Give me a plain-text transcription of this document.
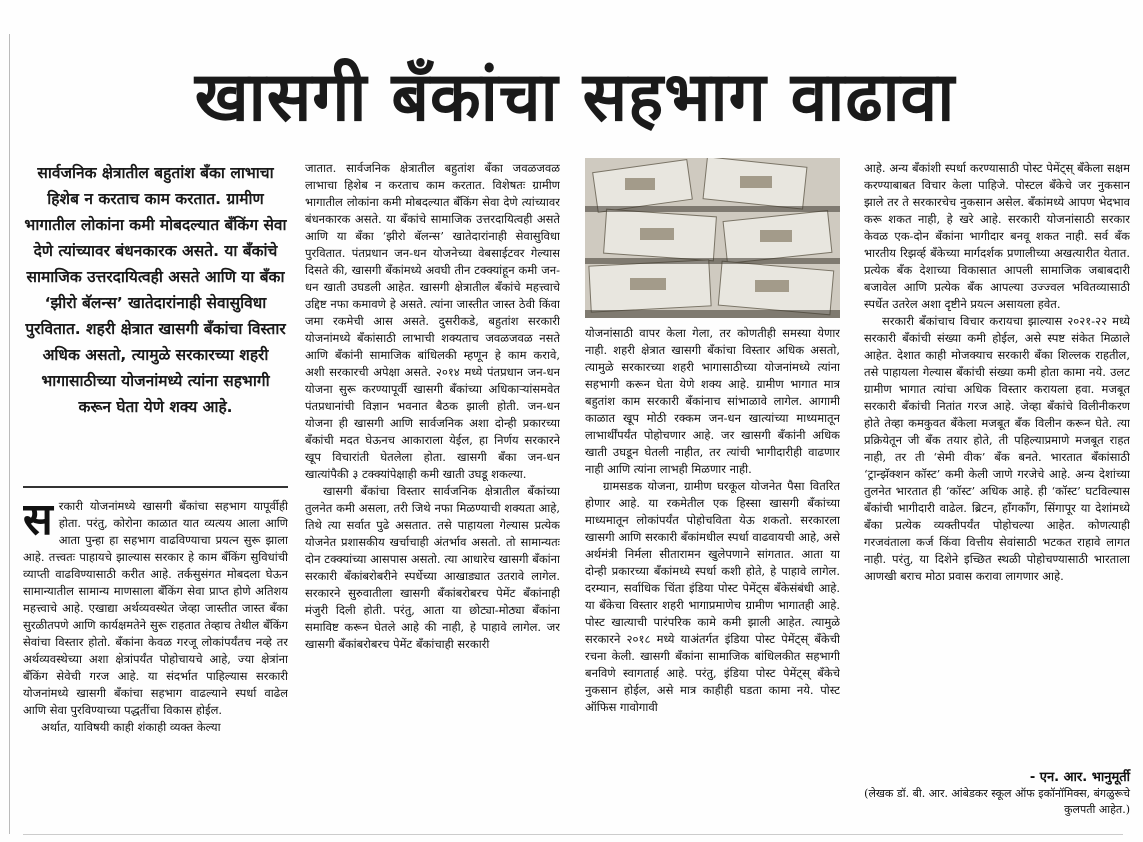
खासगी बँकांचा सहभाग वाढावा
सार्वजनिक क्षेत्रातील बहुतांश बँका लाभाचा हिशेब न करताच काम करतात. ग्रामीण भागातील लोकांना कमी मोबदल्यात बँकिंग सेवा देणे त्यांच्यावर बंधनकारक असते. या बँकांचे सामाजिक उत्तरदायित्वही असते आणि या बँका ‘झीरो बॅलन्स’ खातेदारांनाही सेवासुविधा पुरवितात. शहरी क्षेत्रात खासगी बँकांचा विस्तार अधिक असतो, त्यामुळे सरकारच्या शहरी भागासाठीच्या योजनांमध्ये त्यांना सहभागी करून घेता येणे शक्य आहे.

सरकारी योजनांमध्ये खासगी बँकांचा सहभाग यापूर्वीही होता. परंतु, कोरोना काळात यात व्यत्यय आला आणि आता पुन्हा हा सहभाग वाढविण्याचा प्रयत्न सुरू झाला आहे. तत्त्वतः पाहायचे झाल्यास सरकार हे काम बँकिंग सुविधांची व्याप्ती वाढविण्यासाठी करीत आहे. तर्कसुसंगत मोबदला घेऊन सामान्यातील सामान्य माणसाला बँकिंग सेवा प्राप्त होणे अतिशय महत्त्वाचे आहे. एखाद्या अर्थव्यवस्थेत जेव्हा जास्तीत जास्त बँका सुरळीतपणे आणि कार्यक्षमतेने सुरू राहतात तेव्हाच तेथील बँकिंग सेवांचा विस्तार होतो. बँकांना केवळ गरजू लोकांपर्यंतच नव्हे तर अर्थव्यवस्थेच्या अशा क्षेत्रांपर्यंत पोहोचायचे आहे, ज्या क्षेत्रांना बँकिंग सेवेची गरज आहे. या संदर्भात पाहिल्यास सरकारी योजनांमध्ये खासगी बँकांचा सहभाग वाढल्याने स्पर्धा वाढेल आणि सेवा पुरविण्याच्या पद्धतींचा विकास होईल.

अर्थात, याविषयी काही शंकाही व्यक्त केल्या

जातात. सार्वजनिक क्षेत्रातील बहुतांश बँका जवळजवळ लाभाचा हिशेब न करताच काम करतात. विशेषतः ग्रामीण भागातील लोकांना कमी मोबदल्यात बँकिंग सेवा देणे त्यांच्यावर बंधनकारक असते. या बँकांचे सामाजिक उत्तरदायित्वही असते आणि या बँका ‘झीरो बॅलन्स’ खातेदारांनाही सेवासुविधा पुरवितात. पंतप्रधान जन-धन योजनेच्या वेबसाईटवर गेल्यास दिसते की, खासगी बँकांमध्ये अवघी तीन टक्क्यांहून कमी जन-धन खाती उघडली आहेत. खासगी क्षेत्रातील बँकांचे महत्त्वाचे उद्दिष्ट नफा कमावणे हे असते. त्यांना जास्तीत जास्त ठेवी किंवा जमा रकमेची आस असते. दुसरीकडे, बहुतांश सरकारी योजनांमध्ये बँकांसाठी लाभाची शक्यताच जवळजवळ नसते आणि बँकांनी सामाजिक बांधिलकी म्हणून हे काम करावे, अशी सरकारची अपेक्षा असते. २०१४ मध्ये पंतप्रधान जन-धन योजना सुरू करण्यापूर्वी खासगी बँकांच्या अधिकाऱ्यांसमवेत पंतप्रधानांची विज्ञान भवनात बैठक झाली होती. जन-धन योजना ही खासगी आणि सार्वजनिक अशा दोन्ही प्रकारच्या बँकांची मदत घेऊनच आकाराला येईल, हा निर्णय सरकारने खूप विचारांती घेतलेला होता. खासगी बँका जन-धन खात्यांपैकी ३ टक्क्यांपेक्षाही कमी खाती उघडू शकल्या.

खासगी बँकांचा विस्तार सार्वजनिक क्षेत्रातील बँकांच्या तुलनेत कमी असला, तरी जिथे नफा मिळण्याची शक्यता आहे, तिथे त्या सर्वात पुढे असतात. तसे पाहायला गेल्यास प्रत्येक योजनेत प्रशासकीय खर्चाचाही अंतर्भाव असतो. तो सामान्यतः दोन टक्क्यांच्या आसपास असतो. त्या आधारेच खासगी बँकांना सरकारी बँकांबरोबरीने स्पर्धेच्या आखाड्यात उतरावे लागेल. सरकारने सुरुवातीला खासगी बँकांबरोबरच पेमेंट बँकांनाही मंजुरी दिली होती. परंतु, आता या छोट्या-मोठ्या बँकांना समाविष्ट करून घेतले आहे की नाही, हे पाहावे लागेल. जर खासगी बँकांबरोबरच पेमेंट बँकांचाही सरकारी

योजनांसाठी वापर केला गेला, तर कोणतीही समस्या येणार नाही. शहरी क्षेत्रात खासगी बँकांचा विस्तार अधिक असतो, त्यामुळे सरकारच्या शहरी भागासाठीच्या योजनांमध्ये त्यांना सहभागी करून घेता येणे शक्य आहे. ग्रामीण भागात मात्र बहुतांश काम सरकारी बँकांनाच सांभाळावे लागेल. आगामी काळात खूप मोठी रक्कम जन-धन खात्यांच्या माध्यमातून लाभार्थींपर्यंत पोहोचणार आहे. जर खासगी बँकांनी अधिक खाती उघडून घेतली नाहीत, तर त्यांची भागीदारीही वाढणार नाही आणि त्यांना लाभही मिळणार नाही.

ग्रामसडक योजना, ग्रामीण घरकूल योजनेत पैसा वितरित होणार आहे. या रकमेतील एक हिस्सा खासगी बँकांच्या माध्यमातून लोकांपर्यंत पोहोचविता येऊ शकतो. सरकारला खासगी आणि सरकारी बँकांमधील स्पर्धा वाढवायची आहे, असे अर्थमंत्री निर्मला सीतारामन खुलेपणाने सांगतात. आता या दोन्ही प्रकारच्या बँकांमध्ये स्पर्धा कशी होते, हे पाहावे लागेल. दरम्यान, सर्वाधिक चिंता इंडिया पोस्ट पेमेंट्स बँकेसंबंधी आहे. या बँकेचा विस्तार शहरी भागाप्रमाणेच ग्रामीण भागातही आहे. पोस्ट खात्याची पारंपरिक कामे कमी झाली आहेत. त्यामुळे सरकारने २०१८ मध्ये याअंतर्गत इंडिया पोस्ट पेमेंट्स् बँकेची रचना केली. खासगी बँकांना सामाजिक बांधिलकीत सहभागी बनविणे स्वागतार्ह आहे. परंतु, इंडिया पोस्ट पेमेंट्स् बँकेचे नुकसान होईल, असे मात्र काहीही घडता कामा नये. पोस्ट ऑफिस गावोगावी

आहे. अन्य बँकांशी स्पर्धा करण्यासाठी पोस्ट पेमेंट्स् बँकेला सक्षम करण्याबाबत विचार केला पाहिजे. पोस्टल बँकेचे जर नुकसान झाले तर ते सरकारचेच नुकसान असेल. बँकांमध्ये आपण भेदभाव करू शकत नाही, हे खरे आहे. सरकारी योजनांसाठी सरकार केवळ एक-दोन बँकांना भागीदार बनवू शकत नाही. सर्व बँक भारतीय रिझर्व्ह बँकेच्या मार्गदर्शक प्रणालीच्या अखत्यारीत येतात. प्रत्येक बँक देशाच्या विकासात आपली सामाजिक जबाबदारी बजावेल आणि प्रत्येक बँक आपल्या उज्ज्वल भवितव्यासाठी स्पर्धेत उतरेल अशा दृष्टीने प्रयत्न असायला हवेत.

सरकारी बँकांचाच विचार करायचा झाल्यास २०२१-२२ मध्ये सरकारी बँकांची संख्या कमी होईल, असे स्पष्ट संकेत मिळाले आहेत. देशात काही मोजक्याच सरकारी बँका शिल्लक राहतील, तसे पाहायला गेल्यास बँकांची संख्या कमी होता कामा नये. उलट ग्रामीण भागात त्यांचा अधिक विस्तार करायला हवा. मजबूत सरकारी बँकांची नितांत गरज आहे. जेव्हा बँकांचे विलीनीकरण होते तेव्हा कमकुवत बँकेला मजबूत बँक विलीन करून घेते. त्या प्रक्रियेतून जी बँक तयार होते, ती पहिल्याप्रमाणे मजबूत राहत नाही, तर ती ‘सेमी वीक’ बँक बनते. भारतात बँकांसाठी ‘ट्रान्झॅक्शन कॉस्ट’ कमी केली जाणे गरजेचे आहे. अन्य देशांच्या तुलनेत भारतात ही ‘कॉस्ट’ अधिक आहे. ही ‘कॉस्ट’ घटविल्यास बँकांची भागीदारी वाढेल. ब्रिटन, हाँगकाँग, सिंगापूर या देशांमध्ये बँका प्रत्येक व्यक्तीपर्यंत पोहोचल्या आहेत. कोणत्याही गरजवंताला कर्ज किंवा वित्तीय सेवांसाठी भटकत राहावे लागत नाही. परंतु, या दिशेने इच्छित स्थळी पोहोचण्यासाठी भारताला आणखी बराच मोठा प्रवास करावा लागणार आहे.

- एन. आर. भानुमूर्ती
(लेखक डॉ. बी. आर. आंबेडकर स्कूल ऑफ इकॉनॉमिक्स, बंगळुरूचे कुलपती आहेत.)
